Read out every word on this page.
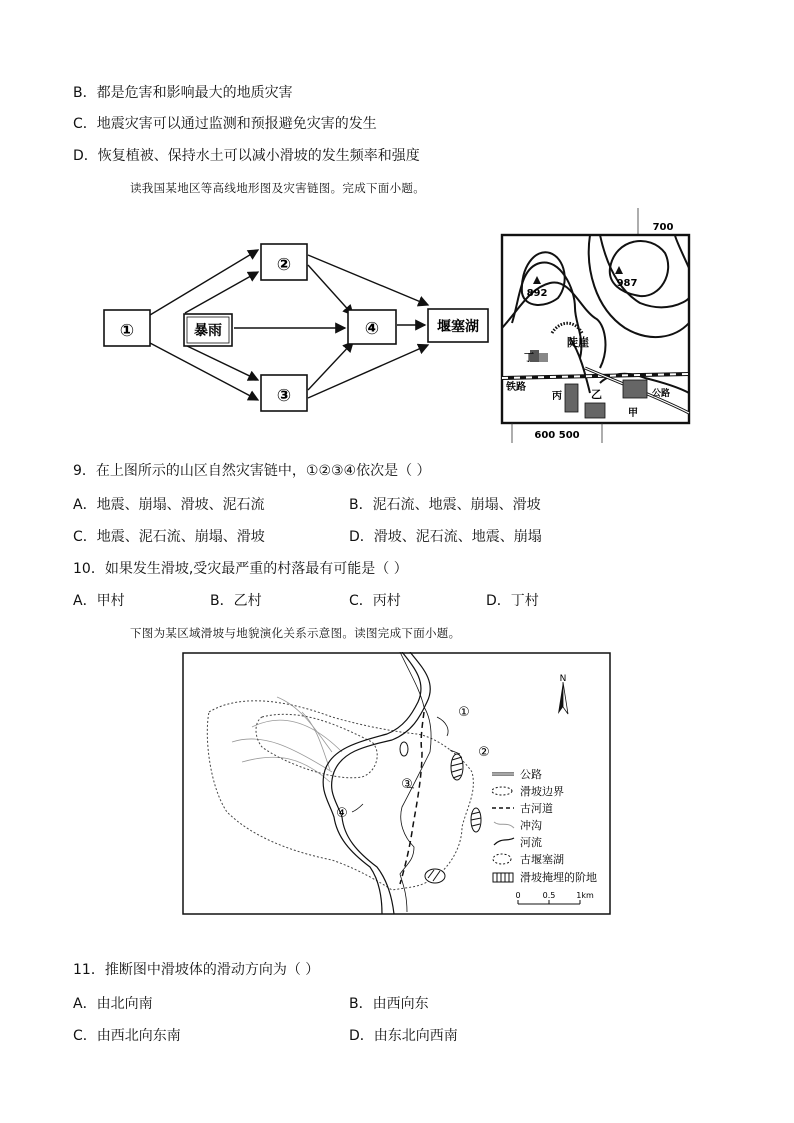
B．都是危害和影响最大的地质灾害
C．地震灾害可以通过监测和预报避免灾害的发生
D．恢复植被、保持水土可以减小滑坡的发生频率和强度
读我国某地区等高线地形图及灾害链图。完成下面小题。
①
②
③
④
暴雨	堰塞湖
700
892
987
陡崖
丁
铁路
丙	乙	公路
甲
600 500
9．在上图所示的山区自然灾害链中，①②③④依次是（ ）
A．地震、崩塌、滑坡、泥石流	B．泥石流、地震、崩塌、滑坡
C．地震、泥石流、崩塌、滑坡	D．滑坡、泥石流、地震、崩塌
10．如果发生滑坡,受灾最严重的村落最有可能是（ ）
A．甲村	B．乙村	C．丙村	D．丁村
下图为某区域滑坡与地貌演化关系示意图。读图完成下面小题。
①
②
③
④
N
公路
滑坡边界
古河道
冲沟
河流
古堰塞湖
滑坡掩埋的阶地
0	0.5	1km
11．推断图中滑坡体的滑动方向为（ ）
A．由北向南	B．由西向东
C．由西北向东南	D．由东北向西南
